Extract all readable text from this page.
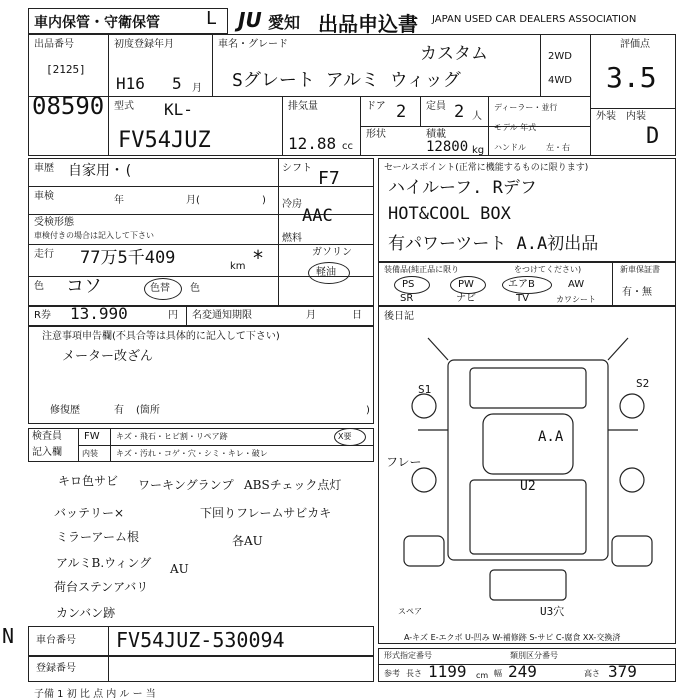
車内保管・守衛保管	L JU 愛知 出品申込書 JAPAN USED CAR DEALERS ASSOCIATION
出品番号
[2125]
08590
初度登録年月
H16 5 月
車名・グレード	カスタム
Sグレート アルミ ウィッグ
2WD
4WD
評価点
3.5
外装 内装
D
型式 KL-
FV54JUZ
排気量
12.88 cc
ドア 2 定員 2 人
形状	積載
12800 kg
ディーラー・並行
モデル 年式
ハンドル	左・右
車歴 自家用・(
車検	年	月(	)
受検形態
車検付きの場合は記入して下さい
走行 77万5千409	km *
色 コソ	色替 色
シフト F7
冷房
AAC
燃料
ガソリン
軽油
セールスポイント(正常に機能するものに限ります)
ハイルーフ. Rデフ
HOT&COOL BOX
有パワーツート A.A初出品
装備品(純正品に限り	をつけてください)	新車保証書
有・無
PS	PW	エアB	AW
SR	ナビ	TV	カワシート
R券 13.990	円 名変通知期限	月	日
注意事項申告欄(不具合等は具体的に記入して下さい)
メーター改ざん
修復歴	有 (箇所	)
検査員
記入欄
FW
内装
キズ・飛石・ヒビ割・リペア跡	X要
キズ・汚れ・コゲ・穴・シミ・キレ・破レ
キロ色サビ ワーキングランプ ABSチェック点灯
バッテリー×	下回りフレームサビカキ
ミラーアーム根	各AU
アルミB.ウィング AU
荷台ステンアバリ
カンバン跡
後日記
S1	S2
A.A
U2
フレー
スペア	U3穴
A-キズ E-エクボ U-凹み W-補修跡 S-サビ C-腐食 XX-交換済
N 車台番号 FV54JUZ-530094
登録番号
形式指定番号	類別区分番号
参考 長さ 1199 cm 幅 249	高さ 379
子備 1 初 比 点 内 ル ー 当
